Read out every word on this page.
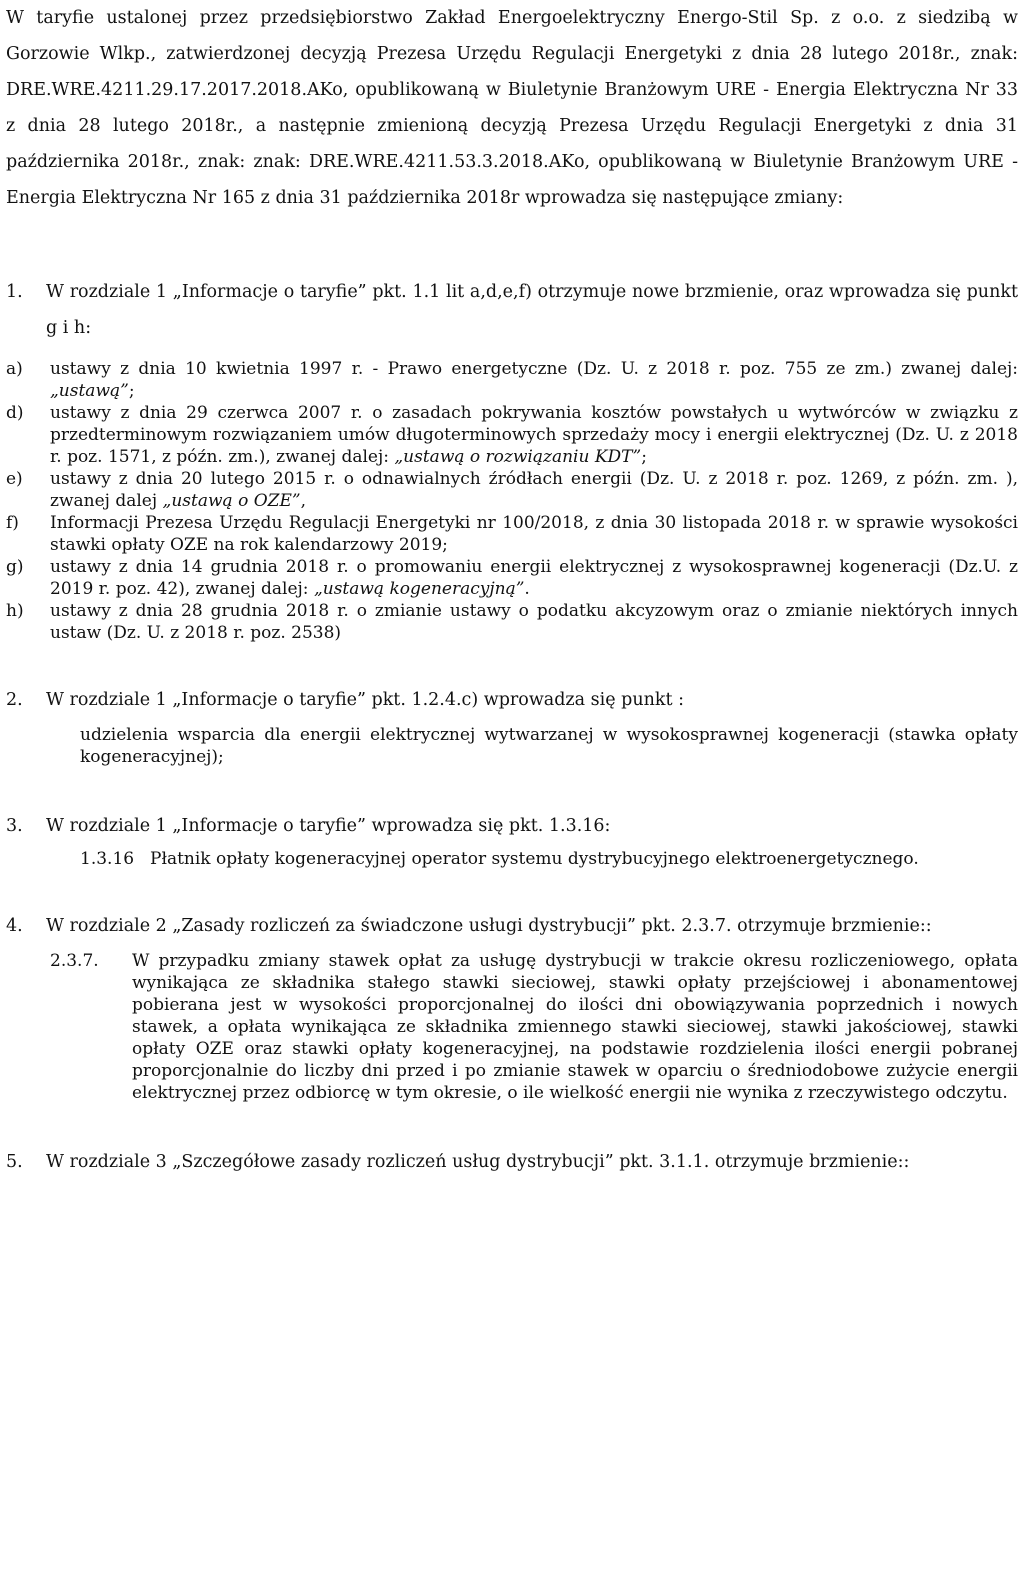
W taryfie ustalonej przez przedsiębiorstwo Zakład Energoelektryczny Energo-Stil Sp. z o.o. z siedzibą w Gorzowie Wlkp., zatwierdzonej decyzją Prezesa Urzędu Regulacji Energetyki z dnia 28 lutego 2018r., znak: DRE.WRE.4211.29.17.2017.2018.AKo, opublikowaną w Biuletynie Branżowym URE - Energia Elektryczna Nr 33 z dnia 28 lutego 2018r., a następnie zmienioną decyzją Prezesa Urzędu Regulacji Energetyki z dnia 31 października 2018r., znak: znak: DRE.WRE.4211.53.3.2018.AKo, opublikowaną w Biuletynie Branżowym URE - Energia Elektryczna Nr 165 z dnia 31 października 2018r wprowadza się następujące zmiany:

1.	W rozdziale 1 „Informacje o taryfie” pkt. 1.1 lit a,d,e,f) otrzymuje nowe brzmienie, oraz wprowadza się punkt g i h:
a)	ustawy z dnia 10 kwietnia 1997 r. - Prawo energetyczne (Dz. U. z 2018 r. poz. 755 ze zm.) zwanej dalej: „ustawą”;
d)	ustawy z dnia 29 czerwca 2007 r. o zasadach pokrywania kosztów powstałych u wytwórców w związku z przedterminowym rozwiązaniem umów długoterminowych sprzedaży mocy i energii elektrycznej (Dz. U. z 2018 r. poz. 1571, z późn. zm.), zwanej dalej: „ustawą o rozwiązaniu KDT”;
e)	ustawy z dnia 20 lutego 2015 r. o odnawialnych źródłach energii (Dz. U. z 2018 r. poz. 1269, z późn. zm. ), zwanej dalej „ustawą o OZE”,
f)	Informacji Prezesa Urzędu Regulacji Energetyki nr 100/2018, z dnia 30 listopada 2018 r. w sprawie wysokości stawki opłaty OZE na rok kalendarzowy 2019;
g)	ustawy z dnia 14 grudnia 2018 r. o promowaniu energii elektrycznej z wysokosprawnej kogeneracji (Dz.U. z 2019 r. poz. 42), zwanej dalej: „ustawą kogeneracyjną”.
h)	ustawy z dnia 28 grudnia 2018 r. o zmianie ustawy o podatku akcyzowym oraz o zmianie niektórych innych ustaw (Dz. U. z 2018 r. poz. 2538)
2.	W rozdziale 1 „Informacje o taryfie” pkt. 1.2.4.c) wprowadza się punkt :

udzielenia wsparcia dla energii elektrycznej wytwarzanej w wysokosprawnej kogeneracji (stawka opłaty kogeneracyjnej);

3.	W rozdziale 1 „Informacje o taryfie” wprowadza się pkt. 1.3.16:
1.3.16 Płatnik opłaty kogeneracyjnej operator systemu dystrybucyjnego elektroenergetycznego.
4.	W rozdziale 2 „Zasady rozliczeń za świadczone usługi dystrybucji” pkt. 2.3.7. otrzymuje brzmienie::
2.3.7.	W przypadku zmiany stawek opłat za usługę dystrybucji w trakcie okresu rozliczeniowego, opłata wynikająca ze składnika stałego stawki sieciowej, stawki opłaty przejściowej i abonamentowej pobierana jest w wysokości proporcjonalnej do ilości dni obowiązywania poprzednich i nowych stawek, a opłata wynikająca ze składnika zmiennego stawki sieciowej, stawki jakościowej, stawki opłaty OZE oraz stawki opłaty kogeneracyjnej, na podstawie rozdzielenia ilości energii pobranej proporcjonalnie do liczby dni przed i po zmianie stawek w oparciu o średniodobowe zużycie energii elektrycznej przez odbiorcę w tym okresie, o ile wielkość energii nie wynika z rzeczywistego odczytu.
5.	W rozdziale 3 „Szczegółowe zasady rozliczeń usług dystrybucji” pkt. 3.1.1. otrzymuje brzmienie::
